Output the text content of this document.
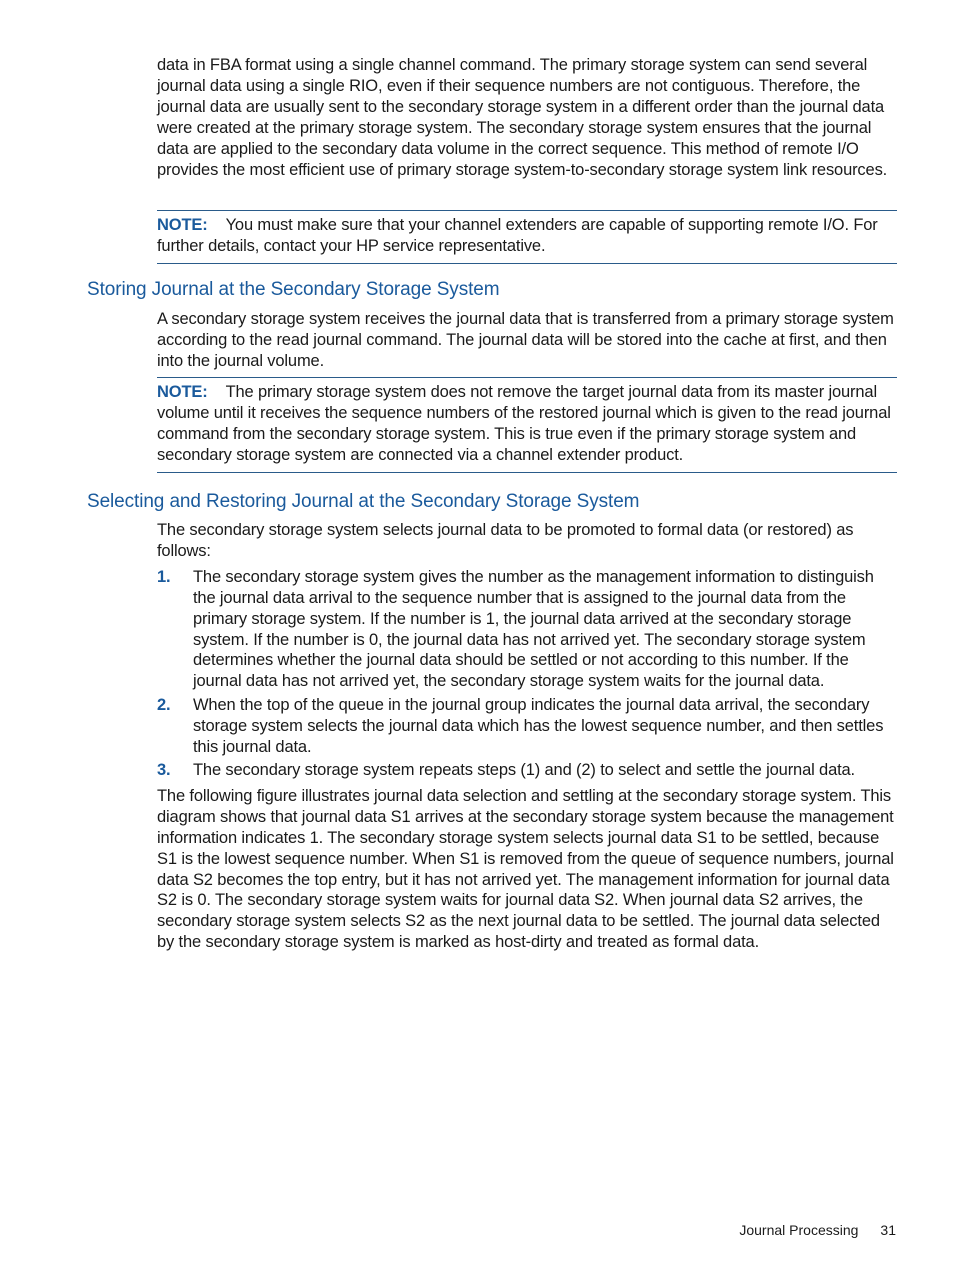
data in FBA format using a single channel command. The primary storage system can send several journal data using a single RIO, even if their sequence numbers are not contiguous. Therefore, the journal data are usually sent to the secondary storage system in a different order than the journal data were created at the primary storage system. The secondary storage system ensures that the journal data are applied to the secondary data volume in the correct sequence. This method of remote I/O provides the most efficient use of primary storage system-to-secondary storage system link resources.

NOTE: You must make sure that your channel extenders are capable of supporting remote I/O. For further details, contact your HP service representative.

Storing Journal at the Secondary Storage System

A secondary storage system receives the journal data that is transferred from a primary storage system according to the read journal command. The journal data will be stored into the cache at first, and then into the journal volume.

NOTE: The primary storage system does not remove the target journal data from its master journal volume until it receives the sequence numbers of the restored journal which is given to the read journal command from the secondary storage system. This is true even if the primary storage system and secondary storage system are connected via a channel extender product.

Selecting and Restoring Journal at the Secondary Storage System

The secondary storage system selects journal data to be promoted to formal data (or restored) as follows:

1. The secondary storage system gives the number as the management information to distinguish the journal data arrival to the sequence number that is assigned to the journal data from the primary storage system. If the number is 1, the journal data arrived at the secondary storage system. If the number is 0, the journal data has not arrived yet. The secondary storage system determines whether the journal data should be settled or not according to this number. If the journal data has not arrived yet, the secondary storage system waits for the journal data.
2. When the top of the queue in the journal group indicates the journal data arrival, the secondary storage system selects the journal data which has the lowest sequence number, and then settles this journal data.
3. The secondary storage system repeats steps (1) and (2) to select and settle the journal data.

The following figure illustrates journal data selection and settling at the secondary storage system. This diagram shows that journal data S1 arrives at the secondary storage system because the management information indicates 1. The secondary storage system selects journal data S1 to be settled, because S1 is the lowest sequence number. When S1 is removed from the queue of sequence numbers, journal data S2 becomes the top entry, but it has not arrived yet. The management information for journal data S2 is 0. The secondary storage system waits for journal data S2. When journal data S2 arrives, the secondary storage system selects S2 as the next journal data to be settled. The journal data selected by the secondary storage system is marked as host-dirty and treated as formal data.

Journal Processing 31
